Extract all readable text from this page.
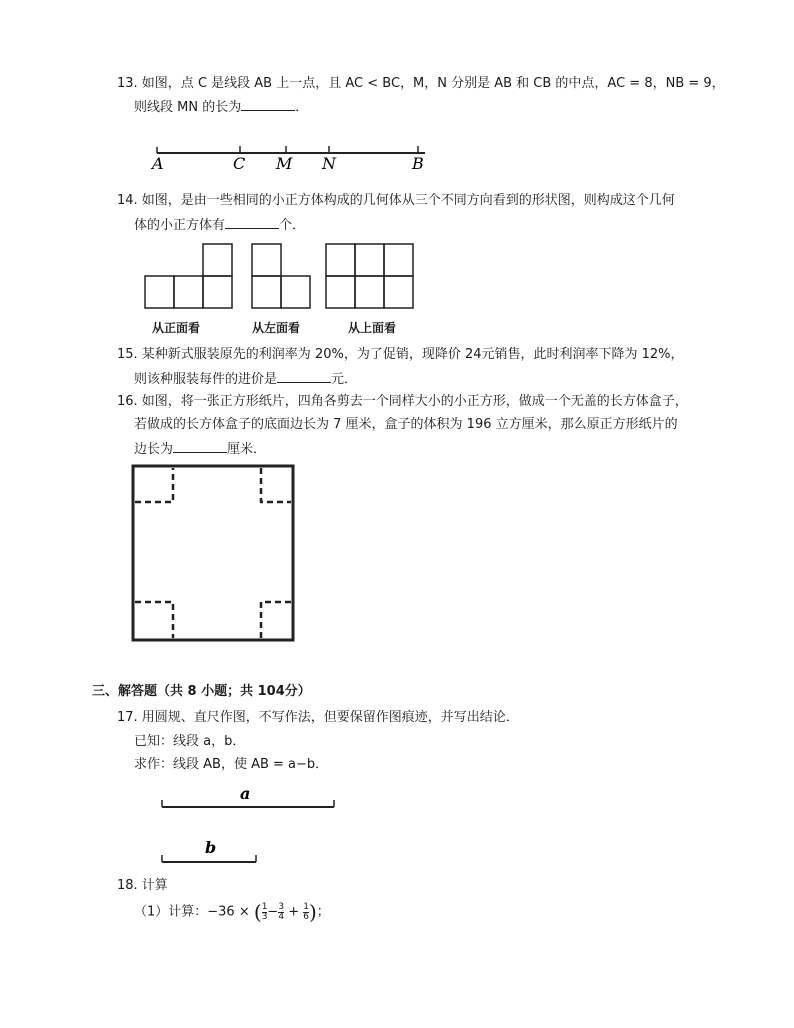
13. 如图，点 C 是线段 AB 上一点，且 AC < BC，M，N 分别是 AB 和 CB 的中点，AC = 8，NB = 9，
则线段 MN 的长为	．
A	C M N	B
14. 如图，是由一些相同的小正方体构成的几何体从三个不同方向看到的形状图，则构成这个几何
体的小正方体有	个．
从正面看	从左面看	从上面看
15. 某种新式服装原先的利润率为 20%，为了促销，现降价 24元销售，此时利润率下降为 12%，
则该种服装每件的进价是	元．
16. 如图，将一张正方形纸片，四角各剪去一个同样大小的小正方形，做成一个无盖的长方体盒子，
若做成的长方体盒子的底面边长为 7 厘米，盒子的体积为 196 立方厘米，那么原正方形纸片的
边长为	厘米．
三、解答题（共 8 小题；共 104分）
17. 用圆规、直尺作图，不写作法，但要保留作图痕迹，并写出结论．
已知：线段 a，b．
求作：线段 AB，使 AB = a−b．
a
b
18. 计算
（1）计算：−36 × ( $\frac{1}{3} - \frac{3}{4} + \frac{1}{6}$ )；
